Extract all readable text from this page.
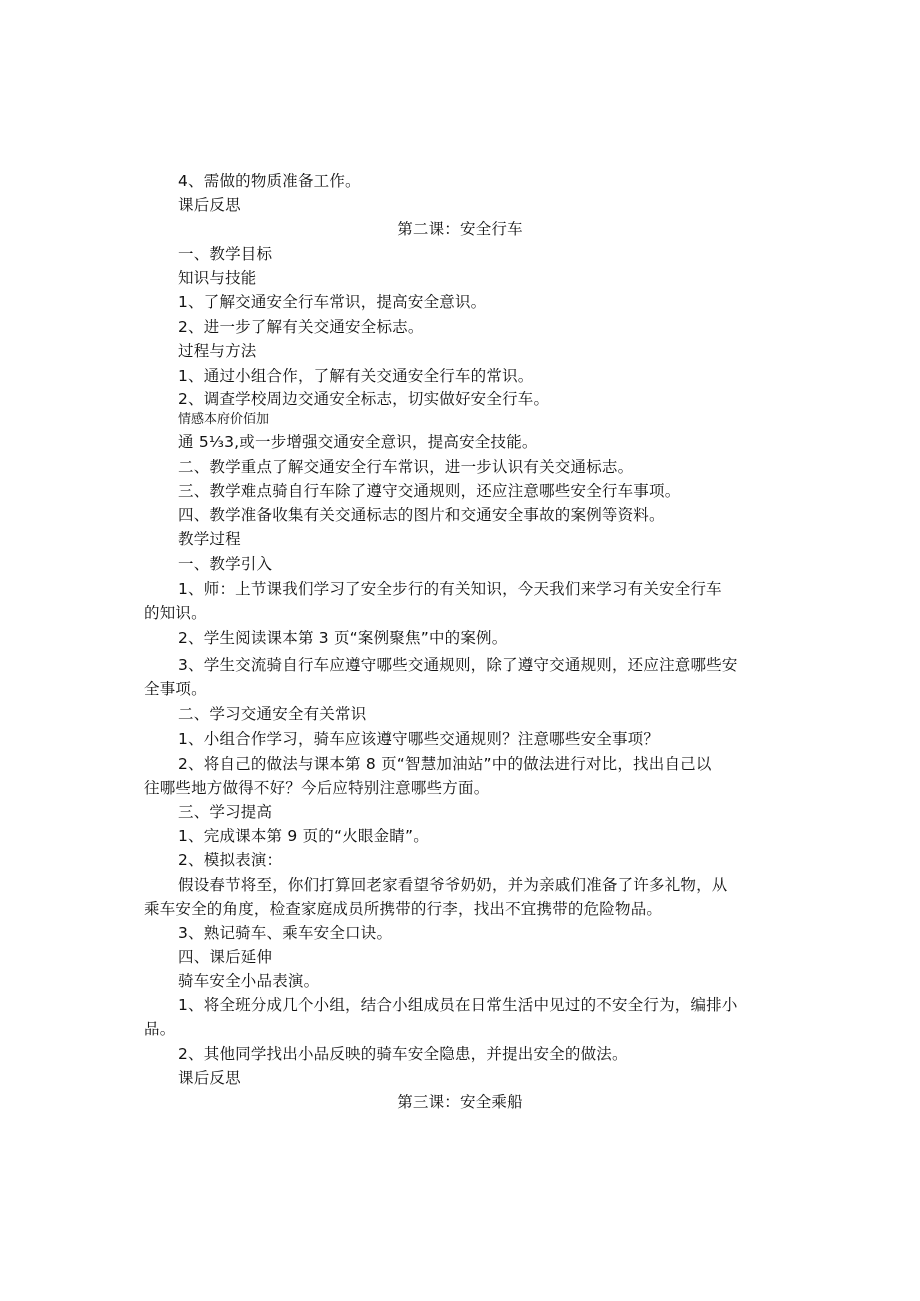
4、需做的物质准备工作。
课后反思
第二课：安全行车
一、教学目标
知识与技能
1、了解交通安全行车常识，提高安全意识。
2、进一步了解有关交通安全标志。
过程与方法
1、通过小组合作，了解有关交通安全行车的常识。
2、调查学校周边交通安全标志，切实做好安全行车。
情感本府价佰加
通 5⅓3,或一步增强交通安全意识，提高安全技能。
二、教学重点了解交通安全行车常识，进一步认识有关交通标志。
三、教学难点骑自行车除了遵守交通规则，还应注意哪些安全行车事项。
四、教学准备收集有关交通标志的图片和交通安全事故的案例等资料。
教学过程
一、教学引入
1、师：上节课我们学习了安全步行的有关知识，今天我们来学习有关安全行车
的知识。
2、学生阅读课本第 3 页“案例聚焦”中的案例。
3、学生交流骑自行车应遵守哪些交通规则，除了遵守交通规则，还应注意哪些安
全事项。
二、学习交通安全有关常识
1、小组合作学习，骑车应该遵守哪些交通规则？注意哪些安全事项？
2、将自己的做法与课本第 8 页“智慧加油站”中的做法进行对比，找出自己以
往哪些地方做得不好？今后应特别注意哪些方面。
三、学习提高
1、完成课本第 9 页的“火眼金睛”。
2、模拟表演：
假设春节将至，你们打算回老家看望爷爷奶奶，并为亲戚们准备了许多礼物，从
乘车安全的角度，检查家庭成员所携带的行李，找出不宜携带的危险物品。
3、熟记骑车、乘车安全口诀。
四、课后延伸
骑车安全小品表演。
1、将全班分成几个小组，结合小组成员在日常生活中见过的不安全行为，编排小
品。
2、其他同学找出小品反映的骑车安全隐患，并提出安全的做法。
课后反思
第三课：安全乘船
